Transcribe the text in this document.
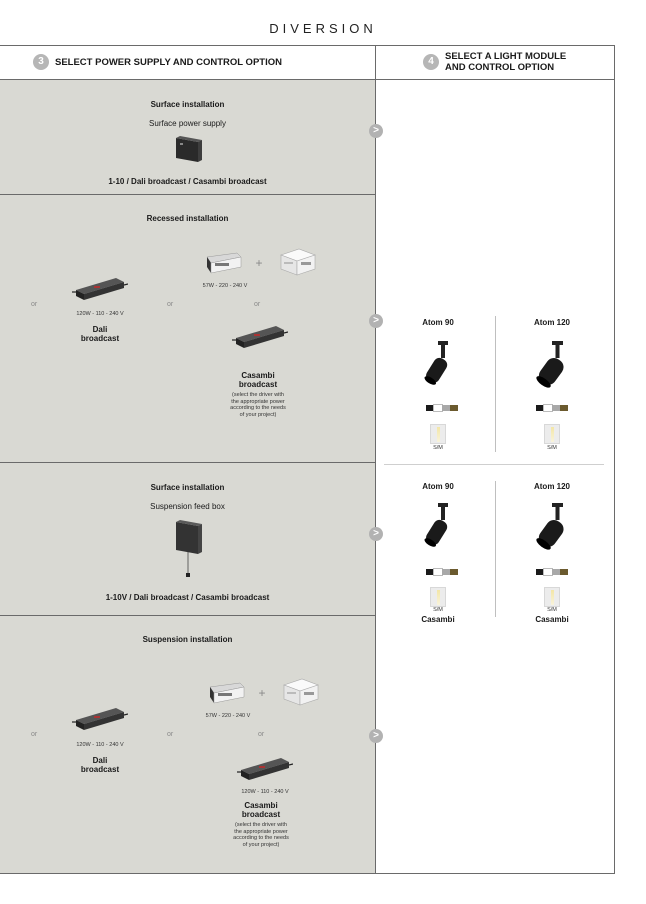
DIVERSION
3	SELECT POWER SUPPLY AND CONTROL OPTION	4	SELECT A LIGHT MODULE
AND CONTROL OPTION
Surface installation
Surface power supply
1-10 / Dali broadcast / Casambi broadcast
Recessed installation
+
57W - 220 - 240 V
or	or	or
120W - 110 - 240 V
Dali
broadcast
Casambi
broadcast
(select the driver with
the appropriate power
according to the needs
of your project)
Surface installation
Suspension feed box
1-10V / Dali broadcast / Casambi broadcast
Suspension installation
+
57W - 220 - 240 V
or	or	or
120W - 110 - 240 V
Dali
broadcast
120W - 110 - 240 V
Casambi
broadcast
(select the driver with
the appropriate power
according to the needs
of your project)
>
>
>
>
Atom 90
S/M
Atom 120
S/M
Atom 90
S/M
Casambi
Atom 120
S/M
Casambi
